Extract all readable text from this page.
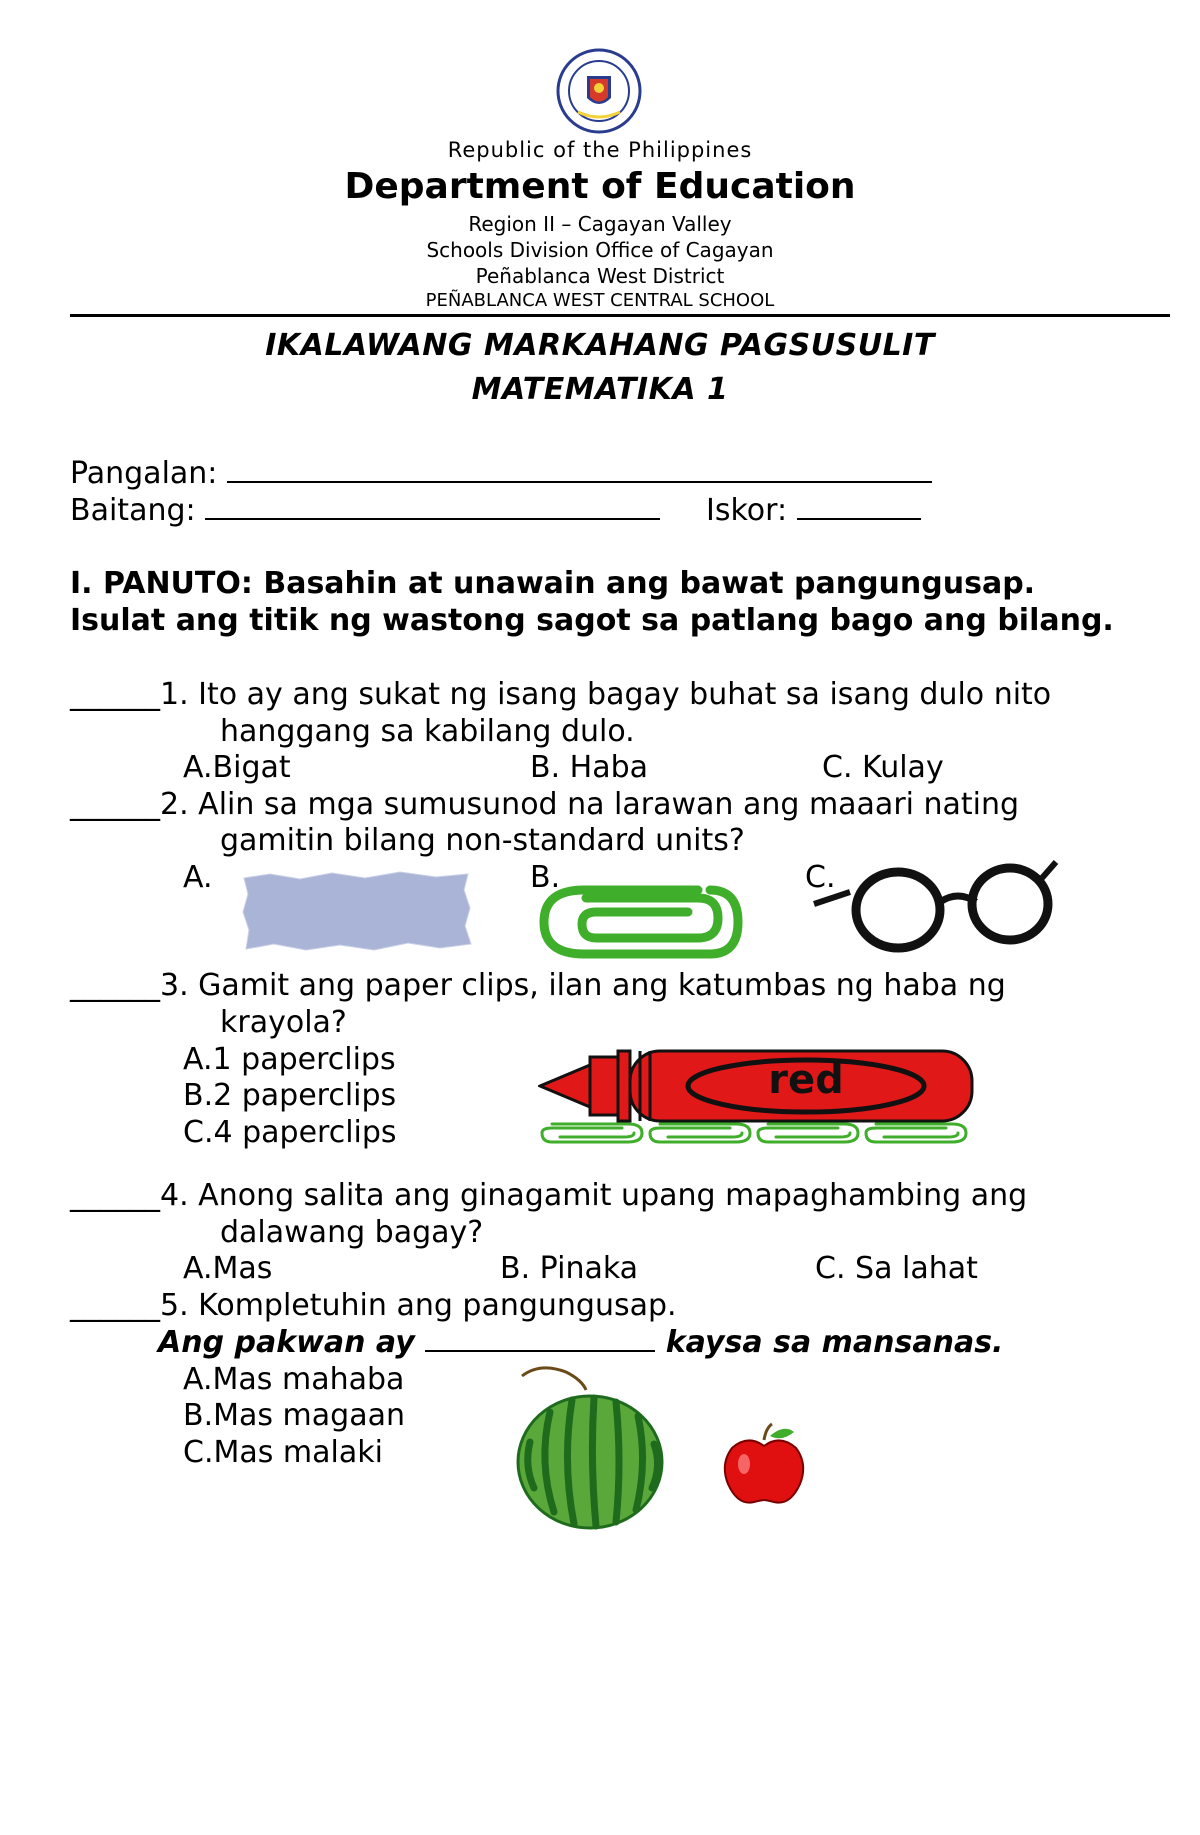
Republic of the Philippines
Department of Education
Region II – Cagayan Valley
Schools Division Office of Cagayan
Peñablanca West District
PEÑABLANCA WEST CENTRAL SCHOOL
IKALAWANG MARKAHANG PAGSUSULIT
MATEMATIKA 1
Pangalan:
Baitang:	Iskor:
I. PANUTO: Basahin at unawain ang bawat pangungusap.
Isulat ang titik ng wastong sagot sa patlang bago ang bilang.
______1. Ito ay ang sukat ng isang bagay buhat sa isang dulo nito
hanggang sa kabilang dulo.
A.Bigat	B. Haba	C. Kulay
______2. Alin sa mga sumusunod na larawan ang maaari nating
gamitin bilang non-standard units?
A.	B.	C.
______3. Gamit ang paper clips, ilan ang katumbas ng haba ng
krayola?
A.1 paperclips
B.2 paperclips
C.4 paperclips
red
______4. Anong salita ang ginagamit upang mapaghambing ang
dalawang bagay?
A.Mas	B. Pinaka	C. Sa lahat
______5. Kompletuhin ang pangungusap.
Ang pakwan ay	kaysa sa mansanas.
A.Mas mahaba
B.Mas magaan
C.Mas malaki
